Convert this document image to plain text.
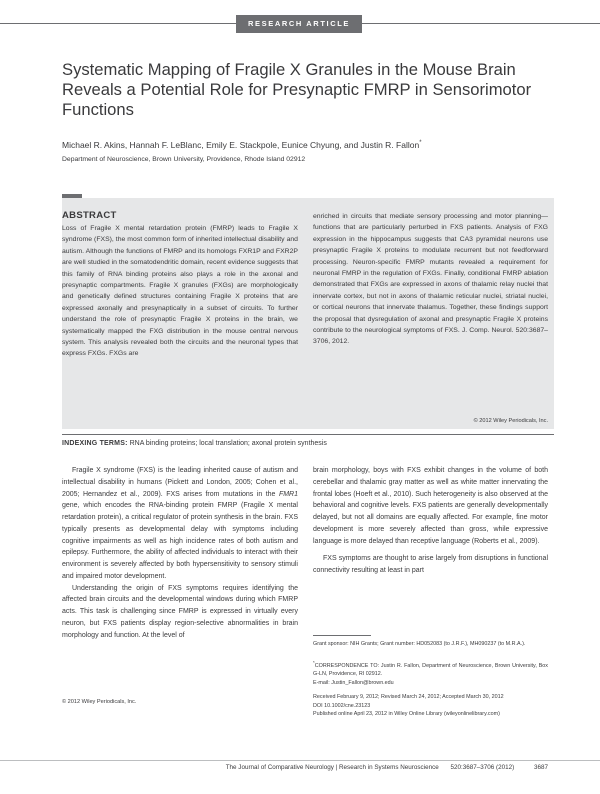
RESEARCH ARTICLE
Systematic Mapping of Fragile X Granules in the Mouse Brain Reveals a Potential Role for Presynaptic FMRP in Sensorimotor Functions
Michael R. Akins, Hannah F. LeBlanc, Emily E. Stackpole, Eunice Chyung, and Justin R. Fallon*
Department of Neuroscience, Brown University, Providence, Rhode Island 02912
ABSTRACT
Loss of Fragile X mental retardation protein (FMRP) leads to Fragile X syndrome (FXS), the most common form of inherited intellectual disability and autism. Although the functions of FMRP and its homologs FXR1P and FXR2P are well studied in the somatodendritic domain, recent evidence suggests that this family of RNA binding proteins also plays a role in the axonal and presynaptic compartments. Fragile X granules (FXGs) are morphologically and genetically defined structures containing Fragile X proteins that are expressed axonally and presynaptically in a subset of circuits. To further understand the role of presynaptic Fragile X proteins in the brain, we systematically mapped the FXG distribution in the mouse central nervous system. This analysis revealed both the circuits and the neuronal types that express FXGs. FXGs are
enriched in circuits that mediate sensory processing and motor planning—functions that are particularly perturbed in FXS patients. Analysis of FXG expression in the hippocampus suggests that CA3 pyramidal neurons use presynaptic Fragile X proteins to modulate recurrent but not feedforward processing. Neuron-specific FMRP mutants revealed a requirement for neuronal FMRP in the regulation of FXGs. Finally, conditional FMRP ablation demonstrated that FXGs are expressed in axons of thalamic relay nuclei that innervate cortex, but not in axons of thalamic reticular nuclei, striatal nuclei, or cortical neurons that innervate thalamus. Together, these findings support the proposal that dysregulation of axonal and presynaptic Fragile X proteins contribute to the neurological symptoms of FXS. J. Comp. Neurol. 520:3687–3706, 2012.
© 2012 Wiley Periodicals, Inc.
INDEXING TERMS: RNA binding proteins; local translation; axonal protein synthesis

Fragile X syndrome (FXS) is the leading inherited cause of autism and intellectual disability in humans (Pickett and London, 2005; Cohen et al., 2005; Hernandez et al., 2009). FXS arises from mutations in the FMR1 gene, which encodes the RNA-binding protein FMRP (Fragile X mental retardation protein), a critical regulator of protein synthesis in the brain. FXS typically presents as developmental delay with symptoms including cognitive impairments as well as high incidence rates of both autism and epilepsy. Furthermore, the ability of affected individuals to interact with their environment is severely affected by both hypersensitivity to sensory stimuli and impaired motor development.

Understanding the origin of FXS symptoms requires identifying the affected brain circuits and the developmental windows during which FMRP acts. This task is challenging since FMRP is expressed in virtually every neuron, but FXS patients display region-selective abnormalities in brain morphology and function. At the level of

brain morphology, boys with FXS exhibit changes in the volume of both cerebellar and thalamic gray matter as well as white matter innervating the frontal lobes (Hoeft et al., 2010). Such heterogeneity is also observed at the behavioral and cognitive levels. FXS patients are generally developmentally delayed, but not all domains are equally affected. For example, fine motor development is more severely affected than gross, while expressive language is more delayed than receptive language (Roberts et al., 2009).

FXS symptoms are thought to arise largely from disruptions in functional connectivity resulting at least in part

Grant sponsor: NIH Grants; Grant number: HD052083 (to J.R.F.), MH090237 (to M.R.A.).
*CORRESPONDENCE TO: Justin R. Fallon, Department of Neuroscience, Brown University, Box G-LN, Providence, RI 02912.
E-mail: Justin_Fallon@brown.edu
Received February 9, 2012; Revised March 24, 2012; Accepted March 30, 2012
DOI 10.1002/cne.23123
Published online April 23, 2012 in Wiley Online Library (wileyonlinelibrary.com)
© 2012 Wiley Periodicals, Inc.
The Journal of Comparative Neurology | Research in Systems Neuroscience 520:3687–3706 (2012)	3687
